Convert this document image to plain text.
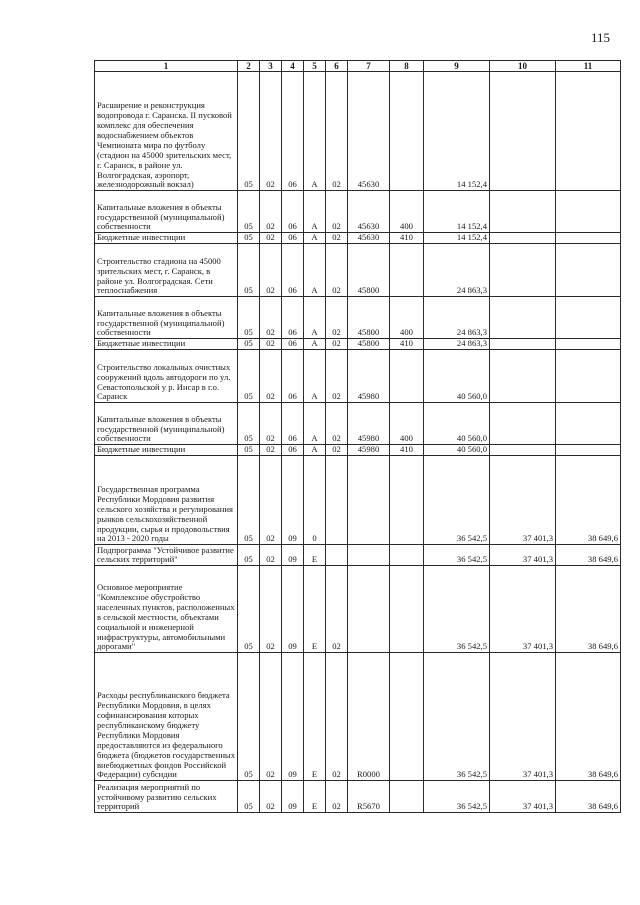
115
1	2	3	4	5	6	7	8	9	10	11
Расширение и реконструкция водопровода г. Саранска. II пусковой комплекс для обеспечения водоснабжением объектов Чемпионата мира по футболу (стадион на 45000 зрительских мест, г. Саранск, в районе ул. Волгоградская, аэропорт, железнодорожный вокзал)	05	02	06	А	02	45630		14 152,4		
Капитальные вложения в объекты государственной (муниципальной) собственности	05	02	06	А	02	45630	400	14 152,4		
Бюджетные инвестиции	05	02	06	А	02	45630	410	14 152,4		
Строительство стадиона на 45000 зрительских мест, г. Саранск, в районе ул. Волгоградская. Сети теплоснабжения	05	02	06	А	02	45800		24 863,3		
Капитальные вложения в объекты государственной (муниципальной) собственности	05	02	06	А	02	45800	400	24 863,3		
Бюджетные инвестиции	05	02	06	А	02	45800	410	24 863,3		
Строительство локальных очистных сооружений вдоль автодороги по ул. Севастопольской у р. Инсар в г.о. Саранск	05	02	06	А	02	45980		40 560,0		
Капитальные вложения в объекты государственной (муниципальной) собственности	05	02	06	А	02	45980	400	40 560,0		
Бюджетные инвестиции	05	02	06	А	02	45980	410	40 560,0		
Государственная программа Республики Мордовия развития сельского хозяйства и регулирования рынков сельскохозяйственной продукции, сырья и продовольствия на 2013 - 2020 годы	05	02	09	0				36 542,5	37 401,3	38 649,6
Подпрограмма "Устойчивое развитие сельских территорий"	05	02	09	Е				36 542,5	37 401,3	38 649,6
Основное мероприятие "Комплексное обустройство населенных пунктов, расположенных в сельской местности, объектами социальной и инженерной инфраструктуры, автомобильными дорогами"	05	02	09	Е	02			36 542,5	37 401,3	38 649,6
Расходы республиканского бюджета Республики Мордовия, в целях софинансирования которых республиканскому бюджету Республики Мордовия предоставляются из федерального бюджета (бюджетов государственных внебюджетных фондов Российской Федерации) субсидии	05	02	09	Е	02	R0000		36 542,5	37 401,3	38 649,6
Реализация мероприятий по устойчивому развитию сельских территорий	05	02	09	Е	02	R5670		36 542,5	37 401,3	38 649,6
